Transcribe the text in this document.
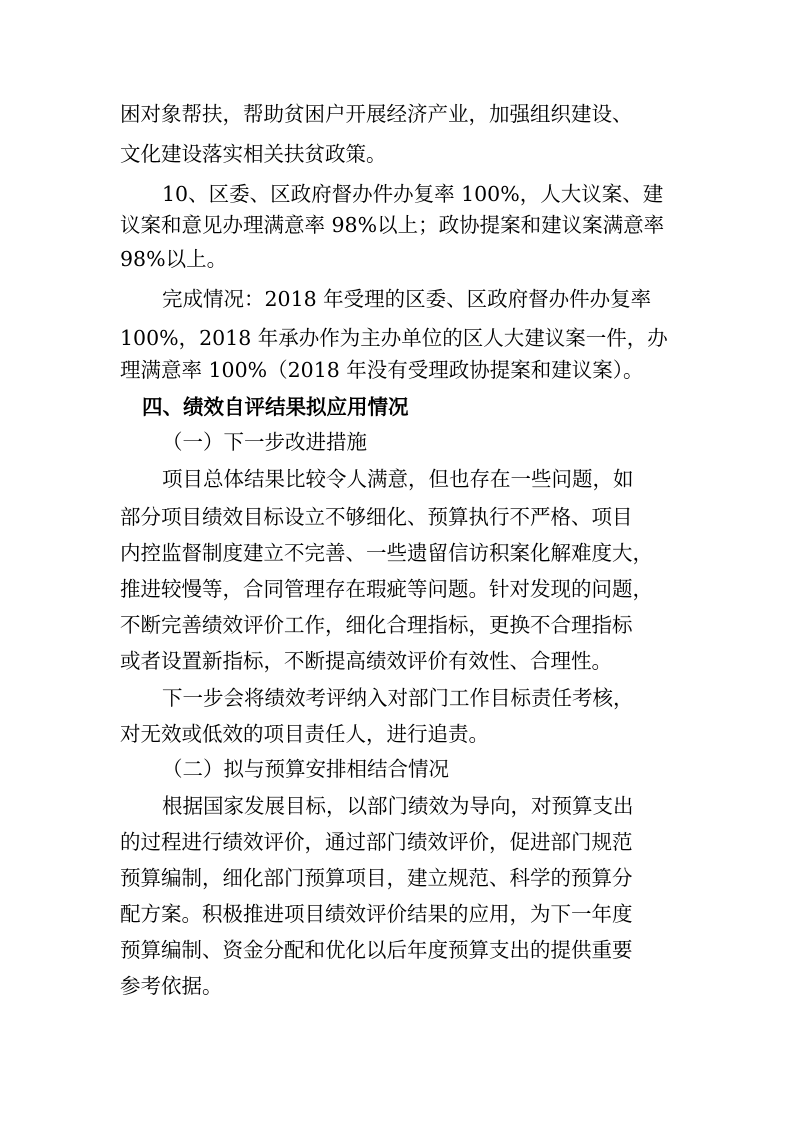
困对象帮扶，帮助贫困户开展经济产业，加强组织建设、
文化建设落实相关扶贫政策。
10、区委、区政府督办件办复率 100%，人大议案、建
议案和意见办理满意率 98%以上；政协提案和建议案满意率
98%以上。
完成情况：2018 年受理的区委、区政府督办件办复率
100%，2018 年承办作为主办单位的区人大建议案一件，办
理满意率 100%（2018 年没有受理政协提案和建议案）。
四、绩效自评结果拟应用情况
（一）下一步改进措施
项目总体结果比较令人满意，但也存在一些问题，如
部分项目绩效目标设立不够细化、预算执行不严格、项目
内控监督制度建立不完善、一些遗留信访积案化解难度大，
推进较慢等，合同管理存在瑕疵等问题。针对发现的问题，
不断完善绩效评价工作，细化合理指标，更换不合理指标
或者设置新指标，不断提高绩效评价有效性、合理性。
下一步会将绩效考评纳入对部门工作目标责任考核，
对无效或低效的项目责任人，进行追责。
（二）拟与预算安排相结合情况
根据国家发展目标，以部门绩效为导向，对预算支出
的过程进行绩效评价，通过部门绩效评价，促进部门规范
预算编制，细化部门预算项目，建立规范、科学的预算分
配方案。积极推进项目绩效评价结果的应用，为下一年度
预算编制、资金分配和优化以后年度预算支出的提供重要
参考依据。
